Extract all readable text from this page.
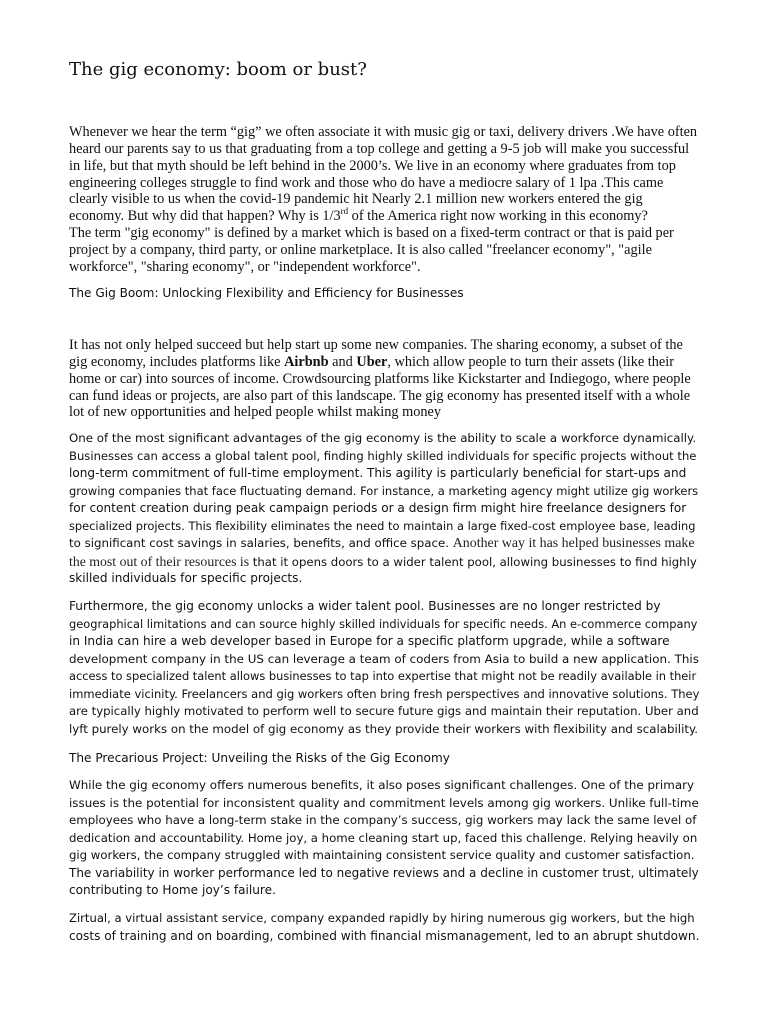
The gig economy: boom or bust?
Whenever we hear the term “gig” we often associate it with music gig or taxi, delivery drivers .We have often
heard our parents say to us that graduating from a top college and getting a 9-5 job will make you successful
in life, but that myth should be left behind in the 2000’s. We live in an economy where graduates from top
engineering colleges struggle to find work and those who do have a mediocre salary of 1 lpa .This came
clearly visible to us when the covid-19 pandemic hit Nearly 2.1 million new workers entered the gig
economy. But why did that happen? Why is 1/3rd of the America right now working in this economy?
The term "gig economy" is defined by a market which is based on a fixed-term contract or that is paid per
project by a company, third party, or online marketplace. It is also called "freelancer economy", "agile
workforce", "sharing economy", or "independent workforce".
The Gig Boom: Unlocking Flexibility and Efficiency for Businesses
It has not only helped succeed but help start up some new companies. The sharing economy, a subset of the
gig economy, includes platforms like Airbnb and Uber, which allow people to turn their assets (like their
home or car) into sources of income. Crowdsourcing platforms like Kickstarter and Indiegogo, where people
can fund ideas or projects, are also part of this landscape. The gig economy has presented itself with a whole
lot of new opportunities and helped people whilst making money
One of the most significant advantages of the gig economy is the ability to scale a workforce dynamically.
Businesses can access a global talent pool, finding highly skilled individuals for specific projects without the
long-term commitment of full-time employment. This agility is particularly beneficial for start-ups and
growing companies that face fluctuating demand. For instance, a marketing agency might utilize gig workers
for content creation during peak campaign periods or a design firm might hire freelance designers for
specialized projects. This flexibility eliminates the need to maintain a large fixed-cost employee base, leading
to significant cost savings in salaries, benefits, and office space. Another way it has helped businesses make
the most out of their resources is that it opens doors to a wider talent pool, allowing businesses to find highly
skilled individuals for specific projects.
Furthermore, the gig economy unlocks a wider talent pool. Businesses are no longer restricted by
geographical limitations and can source highly skilled individuals for specific needs. An e-commerce company
in India can hire a web developer based in Europe for a specific platform upgrade, while a software
development company in the US can leverage a team of coders from Asia to build a new application. This
access to specialized talent allows businesses to tap into expertise that might not be readily available in their
immediate vicinity. Freelancers and gig workers often bring fresh perspectives and innovative solutions. They
are typically highly motivated to perform well to secure future gigs and maintain their reputation. Uber and
lyft purely works on the model of gig economy as they provide their workers with flexibility and scalability.
The Precarious Project: Unveiling the Risks of the Gig Economy
While the gig economy offers numerous benefits, it also poses significant challenges. One of the primary
issues is the potential for inconsistent quality and commitment levels among gig workers. Unlike full-time
employees who have a long-term stake in the company’s success, gig workers may lack the same level of
dedication and accountability. Home joy, a home cleaning start up, faced this challenge. Relying heavily on
gig workers, the company struggled with maintaining consistent service quality and customer satisfaction.
The variability in worker performance led to negative reviews and a decline in customer trust, ultimately
contributing to Home joy’s failure.
Zirtual, a virtual assistant service, company expanded rapidly by hiring numerous gig workers, but the high
costs of training and on boarding, combined with financial mismanagement, led to an abrupt shutdown.
